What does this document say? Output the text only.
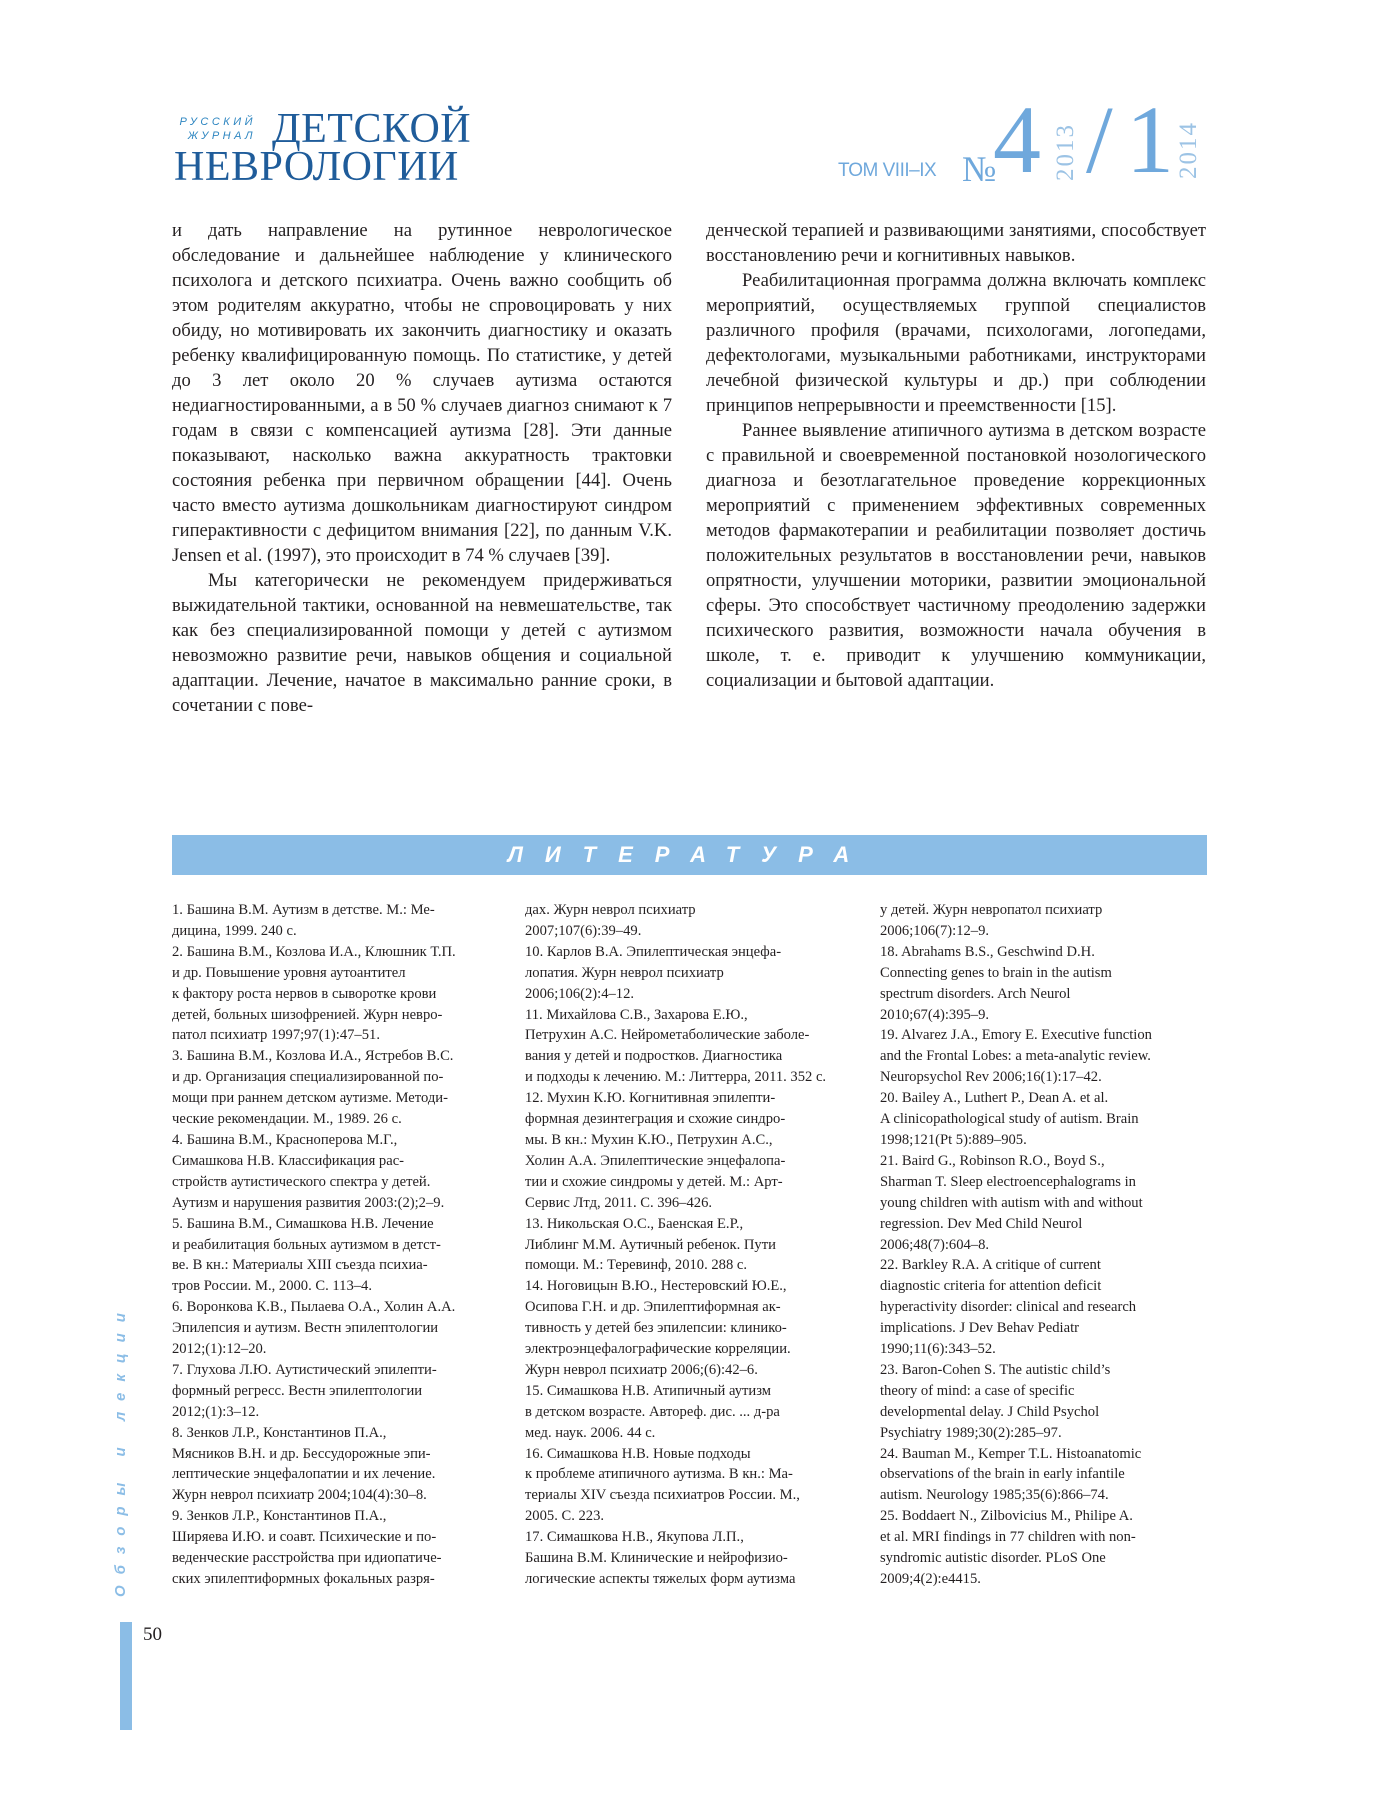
РУССКИЙ ЖУРНАЛ ДЕТСКОЙ
НЕВРОЛОГИИ	ТОМ VIII–IX №
4 2013 / 1 2014

и дать направление на рутинное неврологическое обследование и дальнейшее наблюдение у клинического психолога и детского психиатра. Очень важно сообщить об этом родителям аккуратно, чтобы не спровоцировать у них обиду, но мотивировать их закончить диагностику и оказать ребенку квалифицированную помощь. По статистике, у детей до 3 лет около 20 % случаев аутизма остаются недиагностированными, а в 50 % случаев диагноз снимают к 7 годам в связи с компенсацией аутизма [28]. Эти данные показывают, насколько важна аккуратность трактовки состояния ребенка при первичном обращении [44]. Очень часто вместо аутизма дошкольникам диагностируют синдром гиперактивности с дефицитом внимания [22], по данным V.K. Jensen et al. (1997), это происходит в 74 % случаев [39].

Мы категорически не рекомендуем придерживаться выжидательной тактики, основанной на невмешательстве, так как без специализированной помощи у детей с аутизмом невозможно развитие речи, навыков общения и социальной адаптации. Лечение, начатое в максимально ранние сроки, в сочетании с пове-

денческой терапией и развивающими занятиями, способствует восстановлению речи и когнитивных навыков.

Реабилитационная программа должна включать комплекс мероприятий, осуществляемых группой специалистов различного профиля (врачами, психологами, логопедами, дефектологами, музыкальными работниками, инструкторами лечебной физической культуры и др.) при соблюдении принципов непрерывности и преемственности [15].

Раннее выявление атипичного аутизма в детском возрасте с правильной и своевременной постановкой нозологического диагноза и безотлагательное проведение коррекционных мероприятий с применением эффективных современных методов фармакотерапии и реабилитации позволяет достичь положительных результатов в восстановлении речи, навыков опрятности, улучшении моторики, развитии эмоциональной сферы. Это способствует частичному преодолению задержки психического развития, возможности начала обучения в школе, т. е. приводит к улучшению коммуникации, социализации и бытовой адаптации.

ЛИТЕРАТУРА
1. Башина В.М. Аутизм в детстве. М.: Ме-
дицина, 1999. 240 с.
2. Башина В.М., Козлова И.А., Клюшник Т.П.
и др. Повышение уровня аутоантител
к фактору роста нервов в сыворотке крови
детей, больных шизофренией. Журн невро-
патол психиатр 1997;97(1):47–51.
3. Башина В.М., Козлова И.А., Ястребов В.С.
и др. Организация специализированной по-
мощи при раннем детском аутизме. Методи-
ческие рекомендации. М., 1989. 26 с.
4. Башина В.М., Красноперова М.Г.,
Симашкова Н.В. Классификация рас-
стройств аутистического спектра у детей.
Аутизм и нарушения развития 2003:(2);2–9.
5. Башина В.М., Симашкова Н.В. Лечение
и реабилитация больных аутизмом в детст-
ве. В кн.: Материалы XIII съезда психиа-
тров России. М., 2000. С. 113–4.
6. Воронкова К.В., Пылаева О.А., Холин А.А.
Эпилепсия и аутизм. Вестн эпилептологии
2012;(1):12–20.
7. Глухова Л.Ю. Аутистический эпилепти-
формный регресс. Вестн эпилептологии
2012;(1):3–12.
8. Зенков Л.Р., Константинов П.А.,
Мясников В.Н. и др. Бессудорожные эпи-
лептические энцефалопатии и их лечение.
Журн неврол психиатр 2004;104(4):30–8.
9. Зенков Л.Р., Константинов П.А.,
Ширяева И.Ю. и соавт. Психические и по-
веденческие расстройства при идиопатиче-
ских эпилептиформных фокальных разря-
дах. Журн неврол психиатр
2007;107(6):39–49.
10. Карлов В.А. Эпилептическая энцефа-
лопатия. Журн неврол психиатр
2006;106(2):4–12.
11. Михайлова С.В., Захарова Е.Ю.,
Петрухин А.С. Нейрометаболические заболе-
вания у детей и подростков. Диагностика
и подходы к лечению. М.: Литтерра, 2011. 352 с.
12. Мухин К.Ю. Когнитивная эпилепти-
формная дезинтеграция и схожие синдро-
мы. В кн.: Мухин К.Ю., Петрухин А.С.,
Холин А.А. Эпилептические энцефалопа-
тии и схожие синдромы у детей. М.: Арт-
Сервис Лтд, 2011. С. 396–426.
13. Никольская О.С., Баенская Е.Р.,
Либлинг М.М. Аутичный ребенок. Пути
помощи. М.: Теревинф, 2010. 288 с.
14. Ноговицын В.Ю., Нестеровский Ю.Е.,
Осипова Г.Н. и др. Эпилептиформная ак-
тивность у детей без эпилепсии: клинико-
электроэнцефалографические корреляции.
Журн неврол психиатр 2006;(6):42–6.
15. Симашкова Н.В. Атипичный аутизм
в детском возрасте. Автореф. дис. ... д-ра
мед. наук. 2006. 44 с.
16. Симашкова Н.В. Новые подходы
к проблеме атипичного аутизма. В кн.: Ма-
териалы XIV съезда психиатров России. М.,
2005. С. 223.
17. Симашкова Н.В., Якупова Л.П.,
Башина В.М. Клинические и нейрофизио-
логические аспекты тяжелых форм аутизма
у детей. Журн невропатол психиатр
2006;106(7):12–9.
18. Abrahams B.S., Geschwind D.H.
Connecting genes to brain in the autism
spectrum disorders. Arch Neurol
2010;67(4):395–9.
19. Alvarez J.A., Emory E. Executive function
and the Frontal Lobes: a meta-analytic review.
Neuropsychol Rev 2006;16(1):17–42.
20. Bailey A., Luthert P., Dean A. et al.
A clinicopathological study of autism. Brain
1998;121(Pt 5):889–905.
21. Baird G., Robinson R.O., Boyd S.,
Sharman T. Sleep electroencephalograms in
young children with autism with and without
regression. Dev Med Child Neurol
2006;48(7):604–8.
22. Barkley R.A. A critique of current
diagnostic criteria for attention deficit
hyperactivity disorder: clinical and research
implications. J Dev Behav Pediatr
1990;11(6):343–52.
23. Baron-Cohen S. The autistic child’s
theory of mind: a case of specific
developmental delay. J Child Psychol
Psychiatry 1989;30(2):285–97.
24. Bauman M., Kemper T.L. Histoanatomic
observations of the brain in early infantile
autism. Neurology 1985;35(6):866–74.
25. Boddaert N., Zilbovicius M., Philipe A.
et al. MRI findings in 77 children with non-
syndromic autistic disorder. PLoS One
2009;4(2):e4415.
Обзоры и лекции
50
